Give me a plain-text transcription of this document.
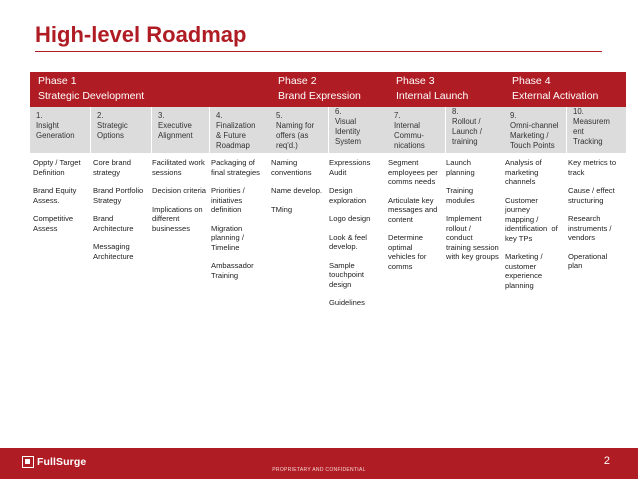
High-level Roadmap
Phase 1
Strategic Development
Phase 2
Brand Expression
Phase 3
Internal Launch
Phase 4
External Activation
1.
Insight
Generation
2.
Strategic
Options
3.
Executive
Alignment
4.
Finalization
& Future
Roadmap
5.
Naming for
offers (as
req'd.)
6.
Visual
Identity
System
7.
Internal
Commu-
nications
8.
Rollout /
Launch /
training
9.
Omni-channel
Marketing /
Touch Points
10.
Measurem
ent
Tracking
Oppty / Target
Definition
Brand Equity
Assess.
Competitive
Assess
Core brand
strategy
Brand Portfolio
Strategy
Brand
Architecture
Messaging
Architecture
Facilitated work
sessions
Decision criteria
Implications on
different
businesses
Packaging of
final strategies
Priorities /
initiatives
definition
Migration
planning /
Timeline
Ambassador
Training
Naming
conventions
Name develop.
TMing
Expressions
Audit
Design
exploration
Logo design
Look & feel
develop.
Sample
touchpoint
design
Guidelines
Segment
employees per
comms needs
Articulate key
messages and
content
Determine
optimal
vehicles for
comms
Launch
planning
Training
modules
Implement
rollout /
conduct
training session
with key groups
Analysis of
marketing
channels
Customer
journey
mapping /
identification  of
key TPs
Marketing /
customer
experience
planning
Key metrics to
track
Cause / effect
structuring
Research
instruments /
vendors
Operational
plan
FullSurge
PROPRIETARY AND CONFIDENTIAL
2
